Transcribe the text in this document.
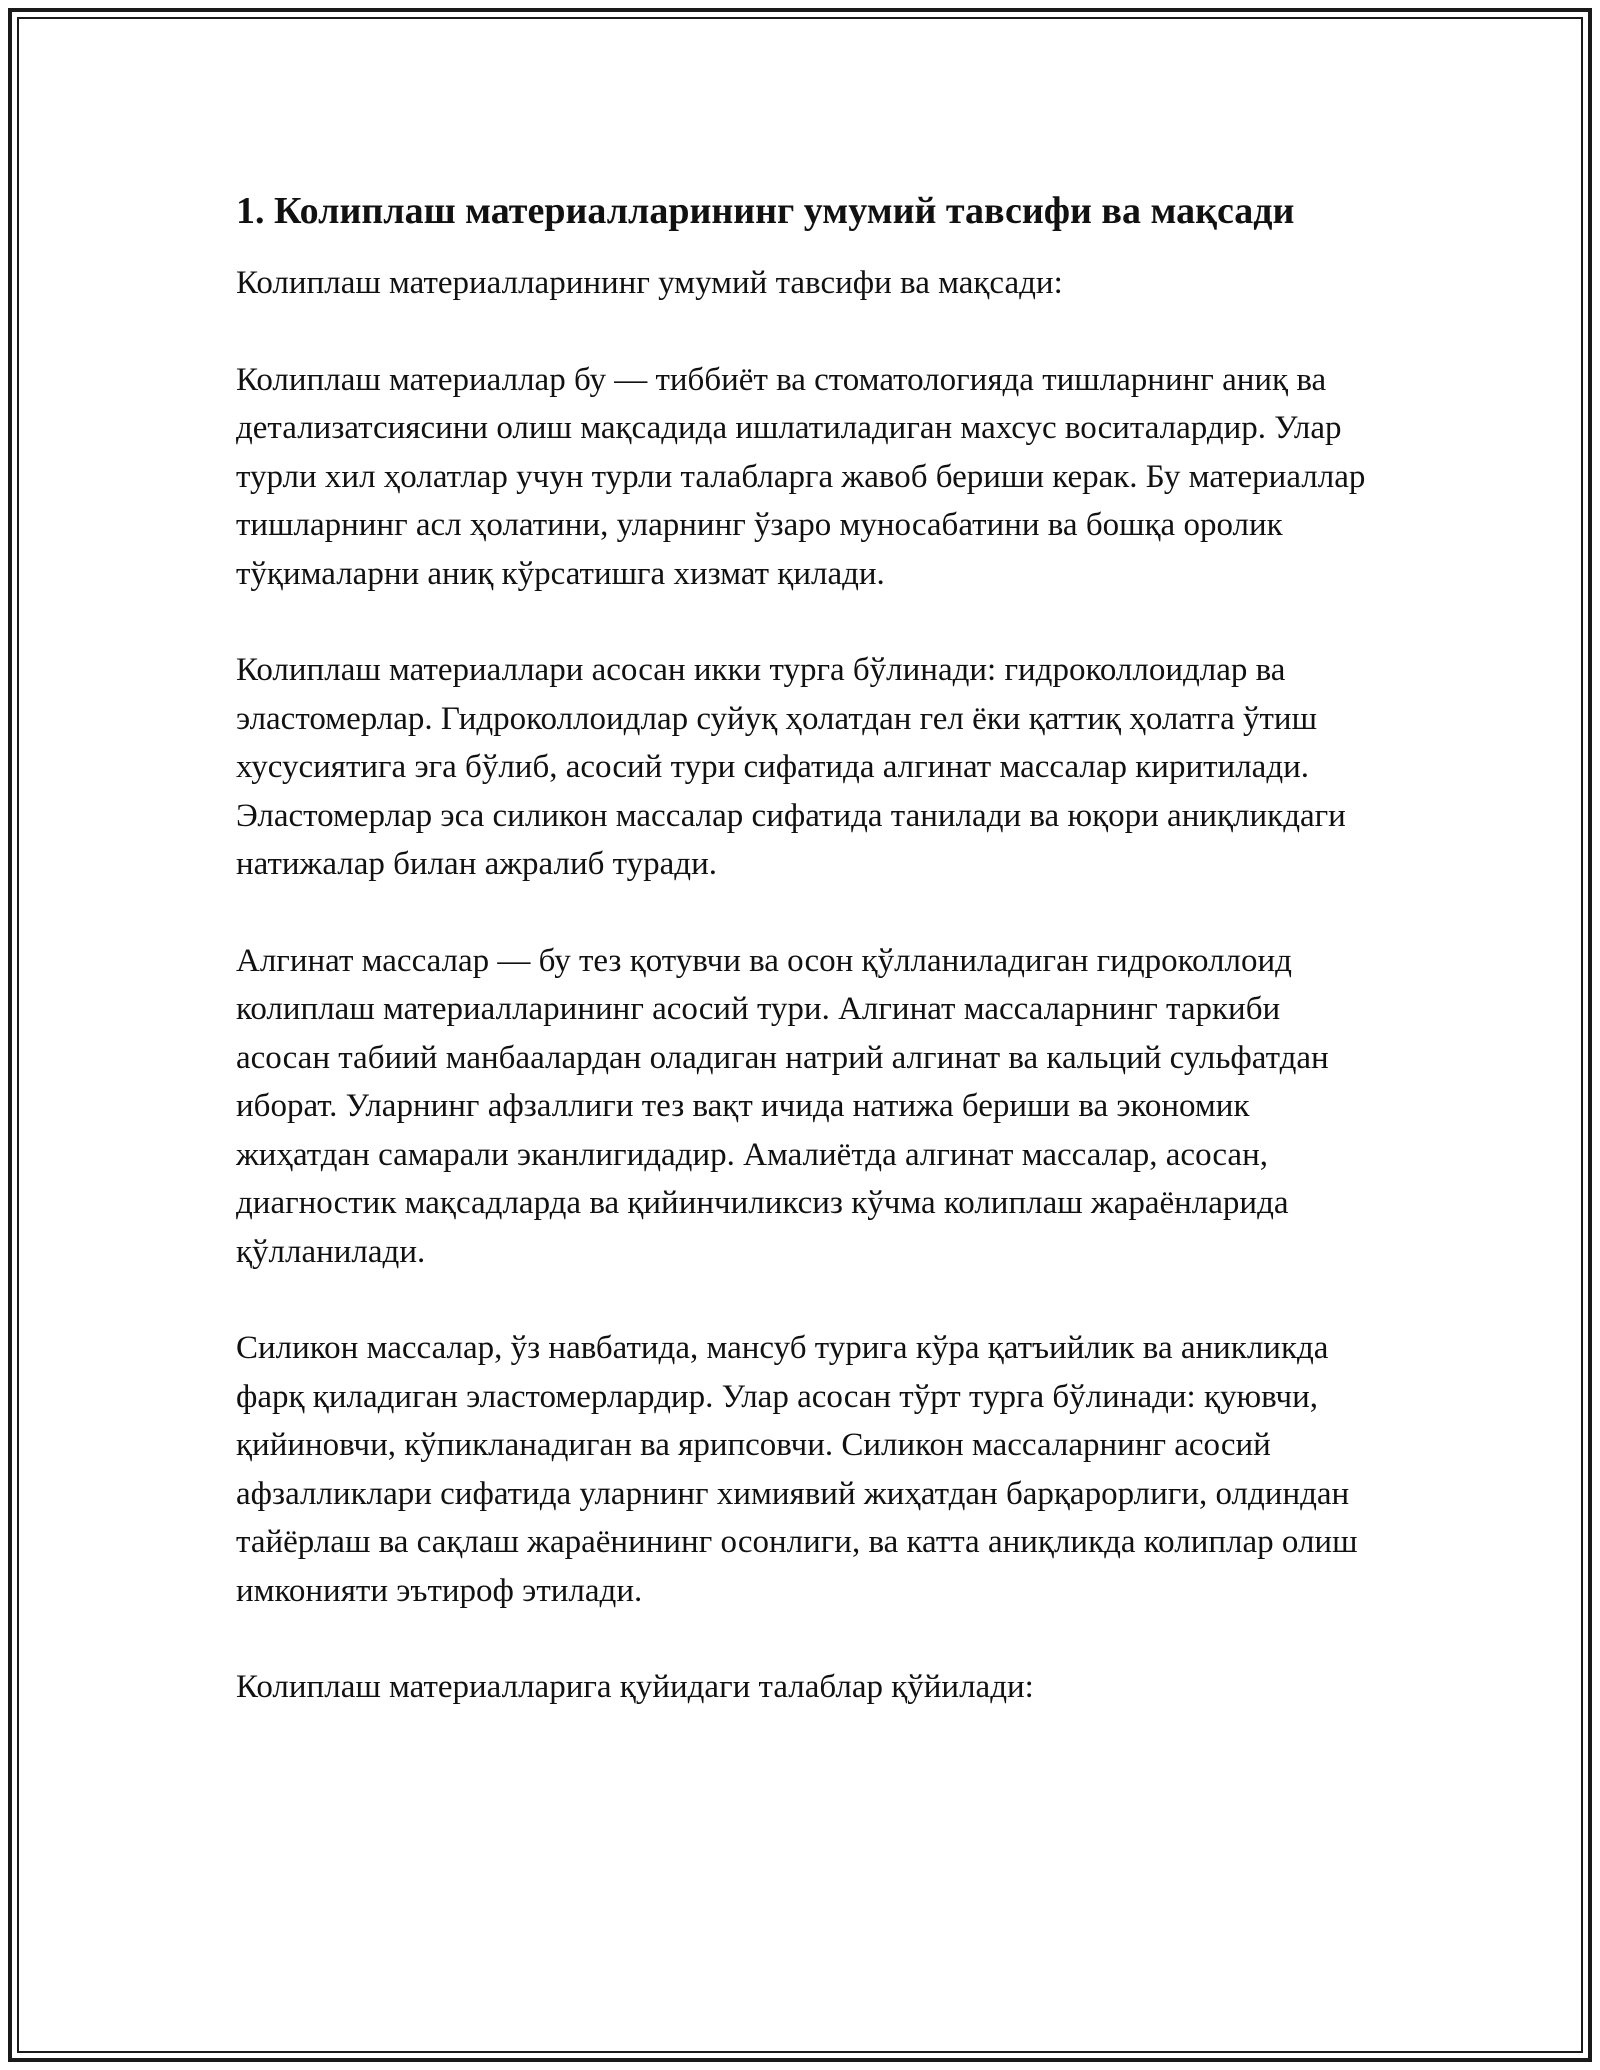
1. Колиплаш материалларининг умумий тавсифи ва мақсади

Колиплаш материалларининг умумий тавсифи ва мақсади:

Колиплаш материаллар бу — тиббиёт ва стоматологияда тишларнинг аниқ ва детализатсиясини олиш мақсадида ишлатиладиган махсус воситалардир. Улар турли хил ҳолатлар учун турли талабларга жавоб бериши керак. Бу материаллар тишларнинг асл ҳолатини, уларнинг ўзаро муносабатини ва бошқа оролик тўқималарни аниқ кўрсатишга хизмат қилади.

Колиплаш материаллари асосан икки турга бўлинади: гидроколлоидлар ва эластомерлар. Гидроколлоидлар суйуқ ҳолатдан гел ёки қаттиқ ҳолатга ўтиш хусусиятига эга бўлиб, асосий тури сифатида алгинат массалар киритилади. Эластомерлар эса силикон массалар сифатида танилади ва юқори аниқликдаги натижалар билан ажралиб туради.

Алгинат массалар — бу тез қотувчи ва осон қўлланиладиган гидроколлоид колиплаш материалларининг асосий тури. Алгинат массаларнинг таркиби асосан табиий манбаалардан оладиган натрий алгинат ва кальций сульфатдан иборат. Уларнинг афзаллиги тез вақт ичида натижа бериши ва экономик жиҳатдан самарали эканлигидадир. Амалиётда алгинат массалар, асосан, диагностик мақсадларда ва қийинчиликсиз кўчма колиплаш жараёнларида қўлланилади.

Силикон массалар, ўз навбатида, мансуб турига кўра қатъийлик ва аникликда фарқ қиладиган эластомерлардир. Улар асосан тўрт турга бўлинади: қуювчи, қийиновчи, кўпикланадиган ва ярипсовчи. Силикон массаларнинг асосий афзалликлари сифатида уларнинг химиявий жиҳатдан барқарорлиги, олдиндан тайёрлаш ва сақлаш жараёнининг осонлиги, ва катта аниқликда колиплар олиш имконияти эътироф этилади.

Колиплаш материалларига қуйидаги талаблар қўйилади:
